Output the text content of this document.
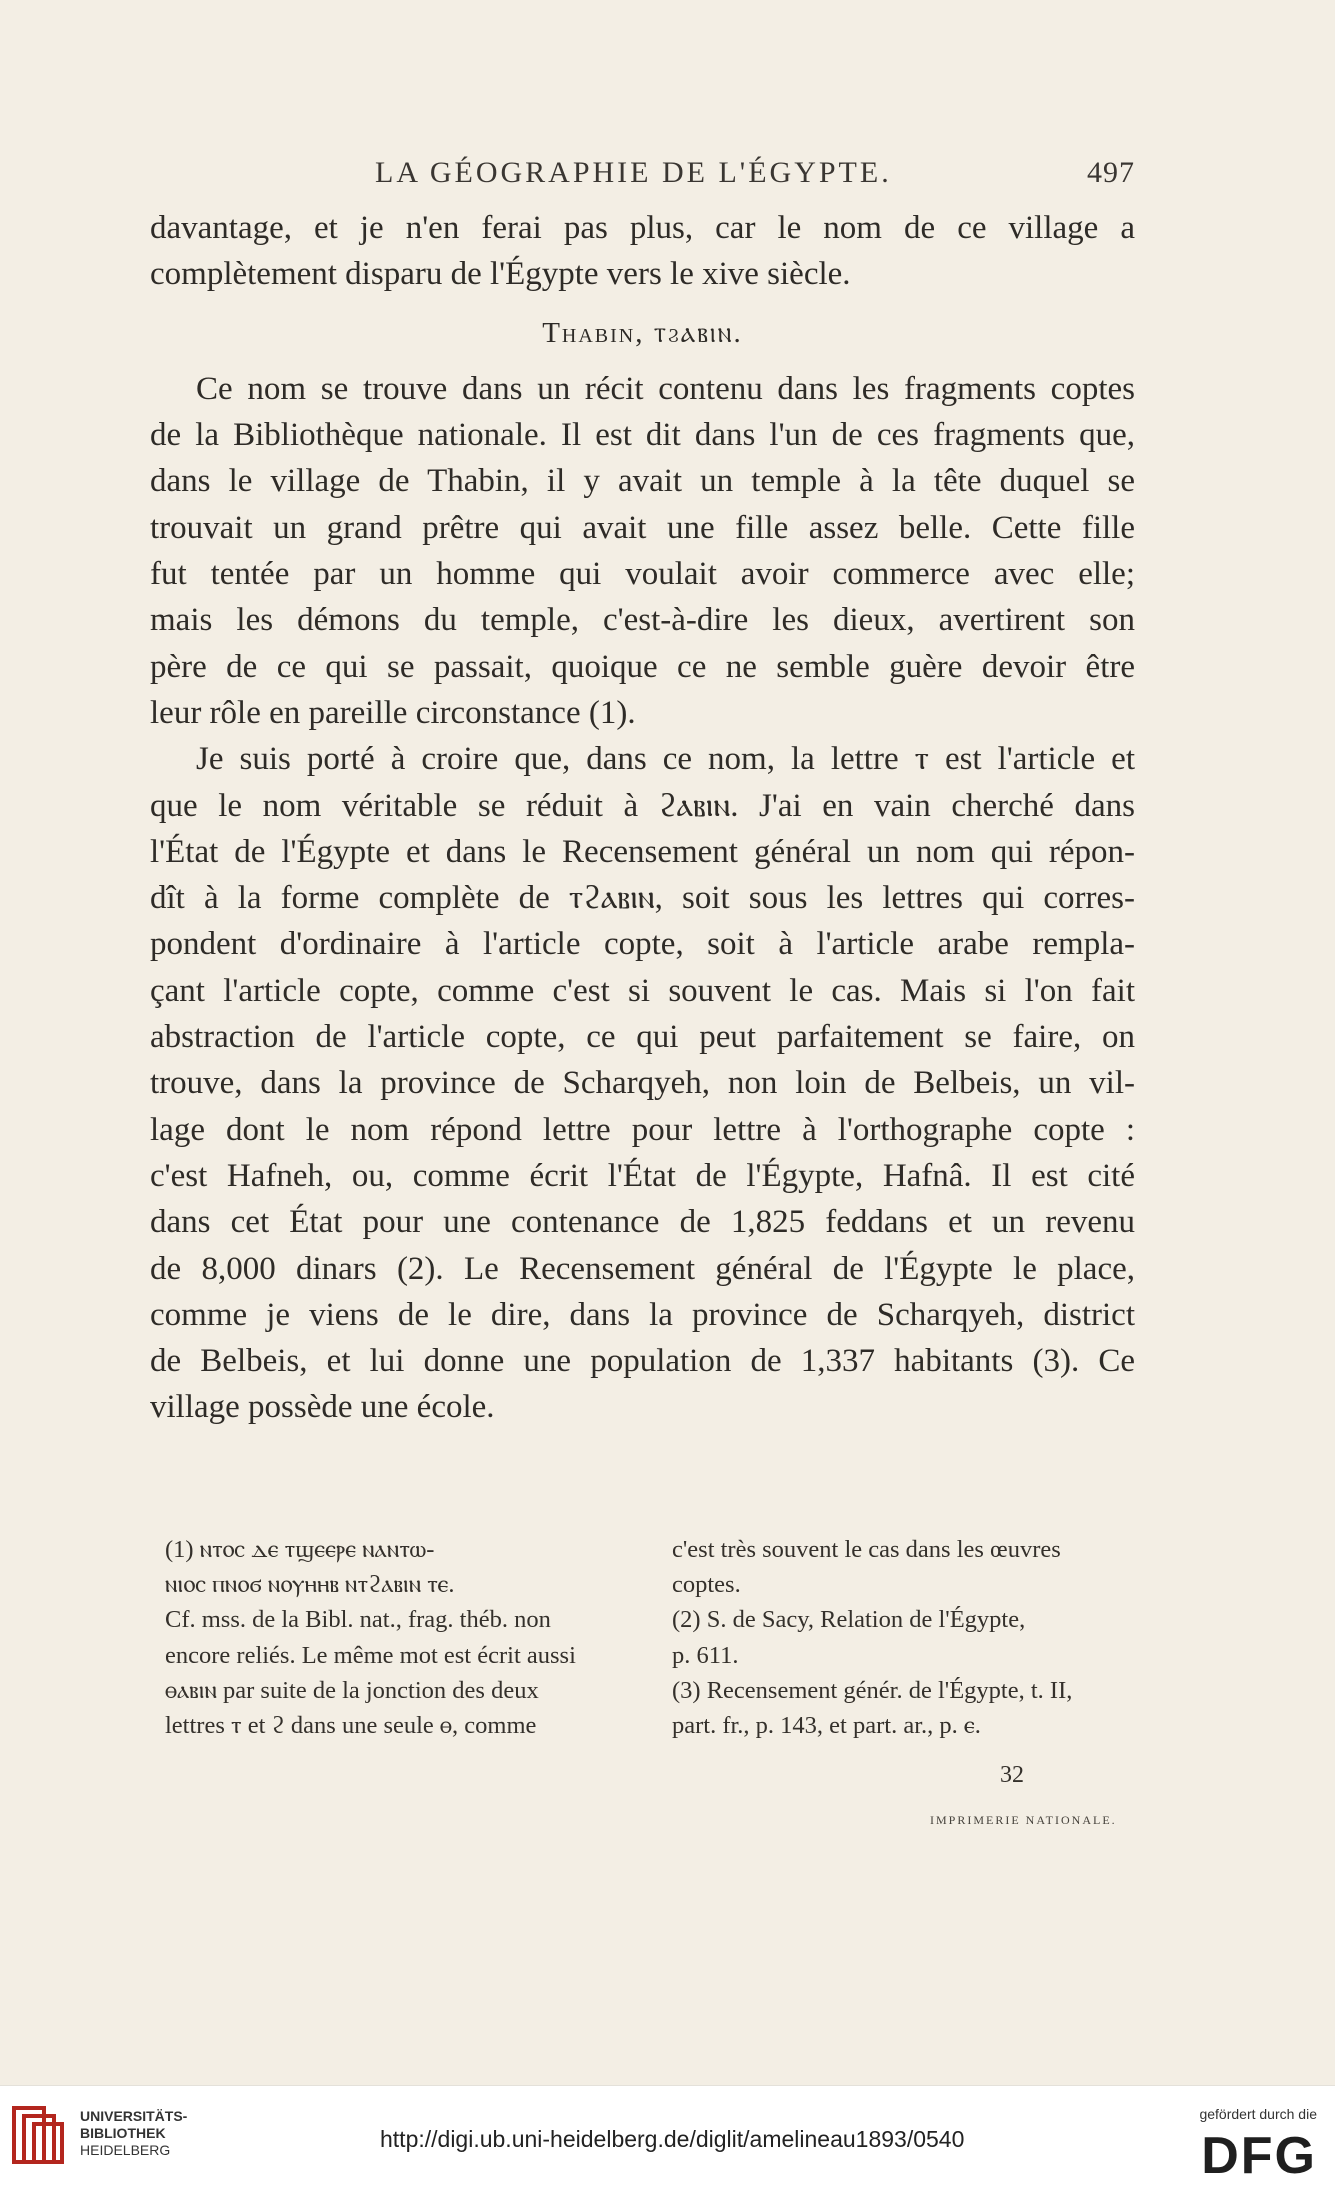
LA GÉOGRAPHIE DE L'ÉGYPTE.	497

davantage, et je n'en ferai pas plus, car le nom de ce village a

complètement disparu de l'Égypte vers le xive siècle.

Thabin, ⲧϩⲁⲃⲓⲛ.

Ce nom se trouve dans un récit contenu dans les fragments coptes

de la Bibliothèque nationale. Il est dit dans l'un de ces fragments que,

dans le village de Thabin, il y avait un temple à la tête duquel se

trouvait un grand prêtre qui avait une fille assez belle. Cette fille

fut tentée par un homme qui voulait avoir commerce avec elle;

mais les démons du temple, c'est-à-dire les dieux, avertirent son

père de ce qui se passait, quoique ce ne semble guère devoir être

leur rôle en pareille circonstance (1).

Je suis porté à croire que, dans ce nom, la lettre ⲧ est l'article et

que le nom véritable se réduit à ϩⲁⲃⲓⲛ. J'ai en vain cherché dans

l'État de l'Égypte et dans le Recensement général un nom qui répon-

dît à la forme complète de ⲧϩⲁⲃⲓⲛ, soit sous les lettres qui corres-

pondent d'ordinaire à l'article copte, soit à l'article arabe rempla-

çant l'article copte, comme c'est si souvent le cas. Mais si l'on fait

abstraction de l'article copte, ce qui peut parfaitement se faire, on

trouve, dans la province de Scharqyeh, non loin de Belbeis, un vil-

lage dont le nom répond lettre pour lettre à l'orthographe copte :

c'est Hafneh, ou, comme écrit l'État de l'Égypte, Hafnâ. Il est cité

dans cet État pour une contenance de 1,825 feddans et un revenu

de 8,000 dinars (2). Le Recensement général de l'Égypte le place,

comme je viens de le dire, dans la province de Scharqyeh, district

de Belbeis, et lui donne une population de 1,337 habitants (3). Ce

village possède une école.

(1) ⲛⲧⲟⲥ ⲇⲉ ⲧϣⲉⲉⲣⲉ ⲛⲁⲛⲧⲱ-

ⲛⲓⲟⲥ ⲡⲛⲟϭ ⲛⲟⲩⲏⲏⲃ ⲛⲧϩⲁⲃⲓⲛ ⲧⲉ.

Cf. mss. de la Bibl. nat., frag. théb. non

encore reliés. Le même mot est écrit aussi

ⲑⲁⲃⲓⲛ par suite de la jonction des deux

lettres ⲧ et ϩ dans une seule ⲑ, comme

c'est très souvent le cas dans les œuvres

coptes.

(2) S. de Sacy, Relation de l'Égypte,

p. 611.

(3) Recensement génér. de l'Égypte, t. II,

part. fr., p. 143, et part. ar., p. ⲉ.

32
IMPRIMERIE NATIONALE.
UNIVERSITÄTS-
BIBLIOTHEK
HEIDELBERG	http://digi.ub.uni-heidelberg.de/diglit/amelineau1893/0540
gefördert durch die
DFG
